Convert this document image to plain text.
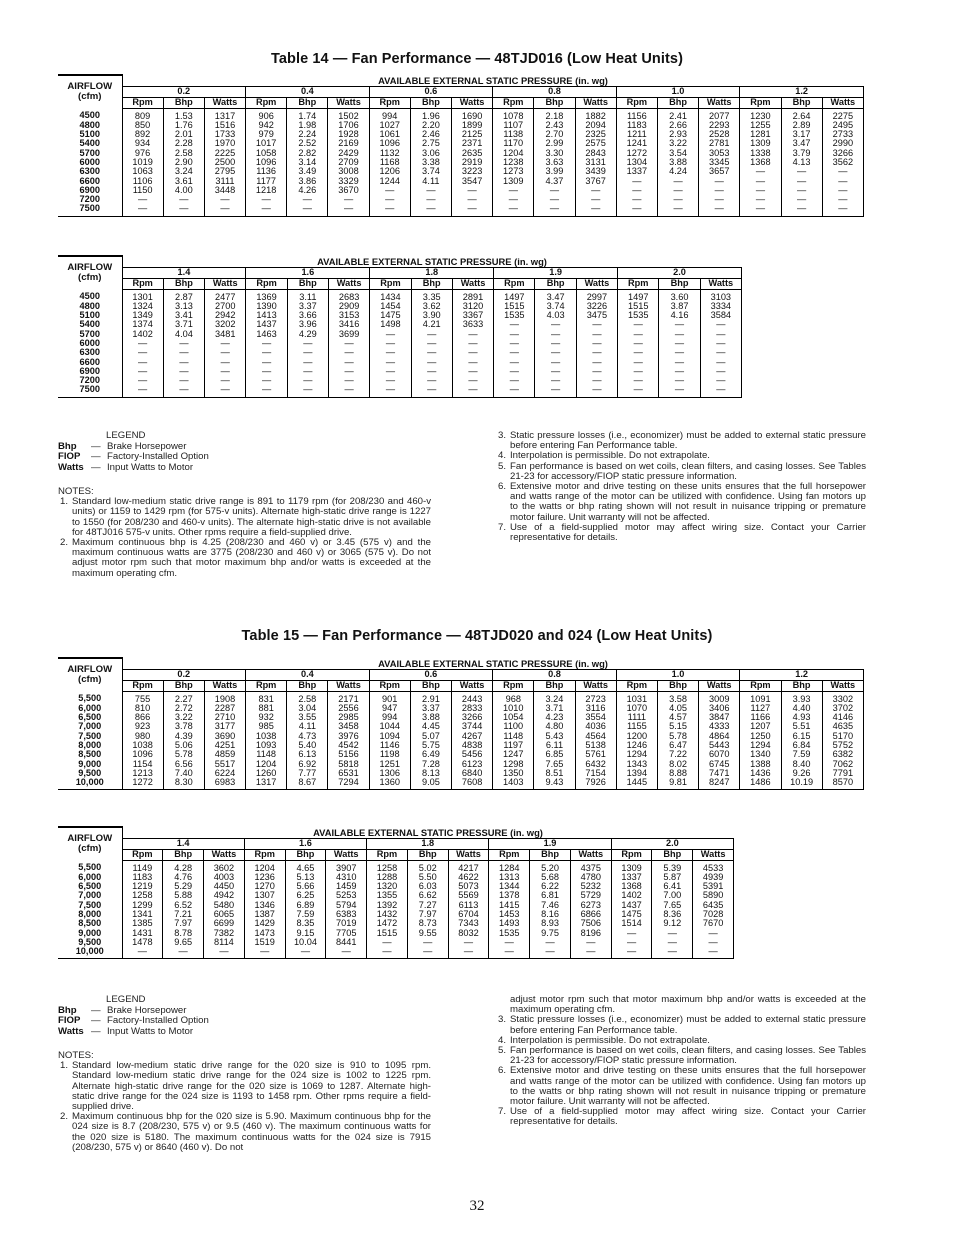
Table 14 — Fan Performance — 48TJD016 (Low Heat Units)
AIRFLOW
(cfm)	AVAILABLE EXTERNAL STATIC PRESSURE (in. wg)																	
	0.2			0.4			0.6			0.8			1.0			1.2		
	Rpm	Bhp	Watts	Rpm	Bhp	Watts	Rpm	Bhp	Watts	Rpm	Bhp	Watts	Rpm	Bhp	Watts	Rpm	Bhp	Watts
4500	809	1.53	1317	906	1.74	1502	994	1.96	1690	1078	2.18	1882	1156	2.41	2077	1230	2.64	2275
4800	850	1.76	1516	942	1.98	1706	1027	2.20	1899	1107	2.43	2094	1183	2.66	2293	1255	2.89	2495
5100	892	2.01	1733	979	2.24	1928	1061	2.46	2125	1138	2.70	2325	1211	2.93	2528	1281	3.17	2733
5400	934	2.28	1970	1017	2.52	2169	1096	2.75	2371	1170	2.99	2575	1241	3.22	2781	1309	3.47	2990
5700	976	2.58	2225	1058	2.82	2429	1132	3.06	2635	1204	3.30	2843	1272	3.54	3053	1338	3.79	3266
6000	1019	2.90	2500	1096	3.14	2709	1168	3.38	2919	1238	3.63	3131	1304	3.88	3345	1368	4.13	3562
6300	1063	3.24	2795	1136	3.49	3008	1206	3.74	3223	1273	3.99	3439	1337	4.24	3657	—	—	—
6600	1106	3.61	3111	1177	3.86	3329	1244	4.11	3547	1309	4.37	3767	—	—	—	—	—	—
6900	1150	4.00	3448	1218	4.26	3670	—	—	—	—	—	—	—	—	—	—	—	—
7200	—	—	—	—	—	—	—	—	—	—	—	—	—	—	—	—	—	—
7500	—	—	—	—	—	—	—	—	—	—	—	—	—	—	—	—	—	—
AIRFLOW
(cfm)	AVAILABLE EXTERNAL STATIC PRESSURE (in. wg)														
	1.4			1.6			1.8			1.9			2.0		
	Rpm	Bhp	Watts	Rpm	Bhp	Watts	Rpm	Bhp	Watts	Rpm	Bhp	Watts	Rpm	Bhp	Watts
4500	1301	2.87	2477	1369	3.11	2683	1434	3.35	2891	1497	3.47	2997	1497	3.60	3103
4800	1324	3.13	2700	1390	3.37	2909	1454	3.62	3120	1515	3.74	3226	1515	3.87	3334
5100	1349	3.41	2942	1413	3.66	3153	1475	3.90	3367	1535	4.03	3475	1535	4.16	3584
5400	1374	3.71	3202	1437	3.96	3416	1498	4.21	3633	—	—	—	—	—	—
5700	1402	4.04	3481	1463	4.29	3699	—	—	—	—	—	—	—	—	—
6000	—	—	—	—	—	—	—	—	—	—	—	—	—	—	—
6300	—	—	—	—	—	—	—	—	—	—	—	—	—	—	—
6600	—	—	—	—	—	—	—	—	—	—	—	—	—	—	—
6900	—	—	—	—	—	—	—	—	—	—	—	—	—	—	—
7200	—	—	—	—	—	—	—	—	—	—	—	—	—	—	—
7500	—	—	—	—	—	—	—	—	—	—	—	—	—	—	—
LEGEND
Bhp	— Brake Horsepower
FIOP	— Factory-Installed Option
Watts — Input Watts to Motor
NOTES:
1. Standard low-medium static drive range is 891 to 1179 rpm (for 208/230 and 460-v units) or 1159 to 1429 rpm (for 575-v units). Alternate high-static drive range is 1227 to 1550 (for 208/230 and 460-v units). The alternate high-static drive is not available for 48TJ016 575-v units. Other rpms require a field-supplied drive.
2. Maximum continuous bhp is 4.25 (208/230 and 460 v) or 3.45 (575 v) and the maximum continuous watts are 3775 (208/230 and 460 v) or 3065 (575 v). Do not adjust motor rpm such that motor maximum bhp and/or watts is exceeded at the maximum operating cfm.
3. Static pressure losses (i.e., economizer) must be added to external static pressure before entering Fan Performance table.
4. Interpolation is permissible. Do not extrapolate.
5. Fan performance is based on wet coils, clean filters, and casing losses. See Tables 21-23 for accessory/FIOP static pressure information.
6. Extensive motor and drive testing on these units ensures that the full horsepower and watts range of the motor can be utilized with confidence. Using fan motors up to the watts or bhp rating shown will not result in nuisance tripping or premature motor failure. Unit warranty will not be affected.
7. Use of a field-supplied motor may affect wiring size. Contact your Carrier representative for details.
Table 15 — Fan Performance — 48TJD020 and 024 (Low Heat Units)
AIRFLOW
(cfm)	AVAILABLE EXTERNAL STATIC PRESSURE (in. wg)																	
	0.2			0.4			0.6			0.8			1.0			1.2		
	Rpm	Bhp	Watts	Rpm	Bhp	Watts	Rpm	Bhp	Watts	Rpm	Bhp	Watts	Rpm	Bhp	Watts	Rpm	Bhp	Watts
5,500	755	2.27	1908	831	2.58	2171	901	2.91	2443	968	3.24	2723	1031	3.58	3009	1091	3.93	3302
6,000	810	2.72	2287	881	3.04	2556	947	3.37	2833	1010	3.71	3116	1070	4.05	3406	1127	4.40	3702
6,500	866	3.22	2710	932	3.55	2985	994	3.88	3266	1054	4.23	3554	1111	4.57	3847	1166	4.93	4146
7,000	923	3.78	3177	985	4.11	3458	1044	4.45	3744	1100	4.80	4036	1155	5.15	4333	1207	5.51	4635
7,500	980	4.39	3690	1038	4.73	3976	1094	5.07	4267	1148	5.43	4564	1200	5.78	4864	1250	6.15	5170
8,000	1038	5.06	4251	1093	5.40	4542	1146	5.75	4838	1197	6.11	5138	1246	6.47	5443	1294	6.84	5752
8,500	1096	5.78	4859	1148	6.13	5156	1198	6.49	5456	1247	6.85	5761	1294	7.22	6070	1340	7.59	6382
9,000	1154	6.56	5517	1204	6.92	5818	1251	7.28	6123	1298	7.65	6432	1343	8.02	6745	1388	8.40	7062
9,500	1213	7.40	6224	1260	7.77	6531	1306	8.13	6840	1350	8.51	7154	1394	8.88	7471	1436	9.26	7791
10,000	1272	8.30	6983	1317	8.67	7294	1360	9.05	7608	1403	9.43	7926	1445	9.81	8247	1486	10.19	8570
AIRFLOW
(cfm)	AVAILABLE EXTERNAL STATIC PRESSURE (in. wg)														
	1.4			1.6			1.8			1.9			2.0		
	Rpm	Bhp	Watts	Rpm	Bhp	Watts	Rpm	Bhp	Watts	Rpm	Bhp	Watts	Rpm	Bhp	Watts
5,500	1149	4.28	3602	1204	4.65	3907	1258	5.02	4217	1284	5.20	4375	1309	5.39	4533
6,000	1183	4.76	4003	1236	5.13	4310	1288	5.50	4622	1313	5.68	4780	1337	5.87	4939
6,500	1219	5.29	4450	1270	5.66	1459	1320	6.03	5073	1344	6.22	5232	1368	6.41	5391
7,000	1258	5.88	4942	1307	6.25	5253	1355	6.62	5569	1378	6.81	5729	1402	7.00	5890
7,500	1299	6.52	5480	1346	6.89	5794	1392	7.27	6113	1415	7.46	6273	1437	7.65	6435
8,000	1341	7.21	6065	1387	7.59	6383	1432	7.97	6704	1453	8.16	6866	1475	8.36	7028
8,500	1385	7.97	6699	1429	8.35	7019	1472	8.73	7343	1493	8.93	7506	1514	9.12	7670
9,000	1431	8.78	7382	1473	9.15	7705	1515	9.55	8032	1535	9.75	8196	—	—	—
9,500	1478	9.65	8114	1519	10.04	8441	—	—	—	—	—	—	—	—	—
10,000	—	—	—	—	—	—	—	—	—	—	—	—	—	—	—
LEGEND
Bhp	— Brake Horsepower
FIOP	— Factory-Installed Option
Watts — Input Watts to Motor
NOTES:
1. Standard low-medium static drive range for the 020 size is 910 to 1095 rpm. Standard low-medium static drive range for the 024 size is 1002 to 1225 rpm. Alternate high-static drive range for the 020 size is 1069 to 1287. Alternate high-static drive range for the 024 size is 1193 to 1458 rpm. Other rpms require a field-supplied drive.
2. Maximum continuous bhp for the 020 size is 5.90. Maximum continuous bhp for the 024 size is 8.7 (208/230, 575 v) or 9.5 (460 v). The maximum continuous watts for the 020 size is 5180. The maximum continuous watts for the 024 size is 7915 (208/230, 575 v) or 8640 (460 v). Do not
adjust motor rpm such that motor maximum bhp and/or watts is exceeded at the maximum operating cfm.
3. Static pressure losses (i.e., economizer) must be added to external static pressure before entering Fan Performance table.
4. Interpolation is permissible. Do not extrapolate.
5. Fan performance is based on wet coils, clean filters, and casing losses. See Tables 21-23 for accessory/FIOP static pressure information.
6. Extensive motor and drive testing on these units ensures that the full horsepower and watts range of the motor can be utilized with confidence. Using fan motors up to the watts or bhp rating shown will not result in nuisance tripping or premature motor failure. Unit warranty will not be affected.
7. Use of a field-supplied motor may affect wiring size. Contact your Carrier representative for details.
32
